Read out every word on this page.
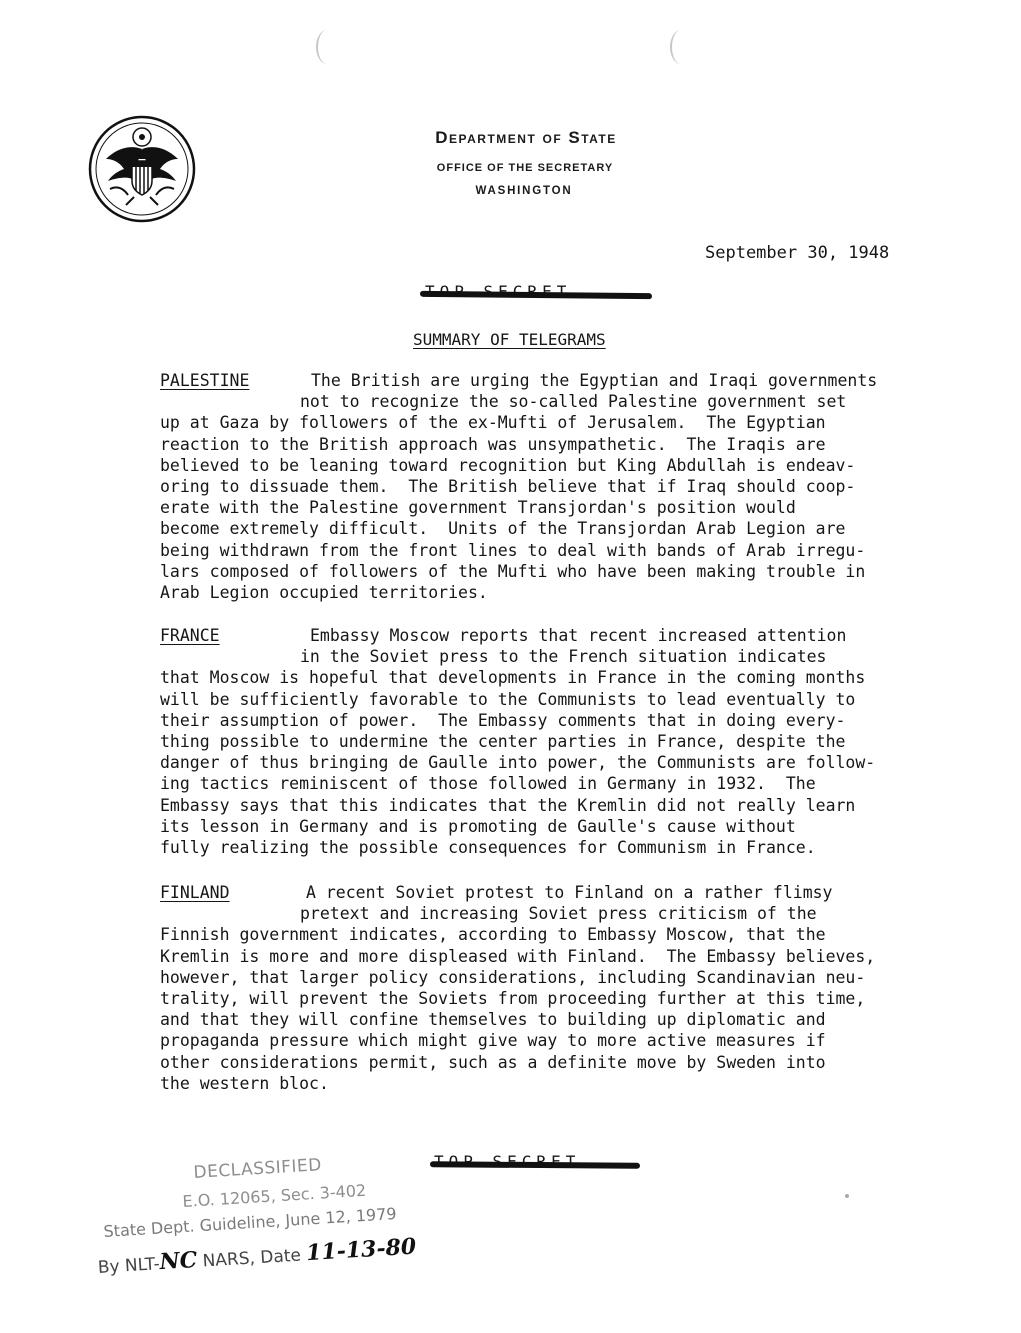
Department of State
OFFICE OF THE SECRETARY
WASHINGTON
September 30, 1948
SUMMARY OF TELEGRAMS
PALESTINE	The British are urging the Egyptian and Iraqi governments
not to recognize the so-called Palestine government set
up at Gaza by followers of the ex-Mufti of Jerusalem.  The Egyptian
reaction to the British approach was unsympathetic.  The Iraqis are
believed to be leaning toward recognition but King Abdullah is endeav-
oring to dissuade them.  The British believe that if Iraq should coop-
erate with the Palestine government Transjordan's position would
become extremely difficult.  Units of the Transjordan Arab Legion are
being withdrawn from the front lines to deal with bands of Arab irregu-
lars composed of followers of the Mufti who have been making trouble in
Arab Legion occupied territories.
FRANCE	Embassy Moscow reports that recent increased attention
in the Soviet press to the French situation indicates
that Moscow is hopeful that developments in France in the coming months
will be sufficiently favorable to the Communists to lead eventually to
their assumption of power.  The Embassy comments that in doing every-
thing possible to undermine the center parties in France, despite the
danger of thus bringing de Gaulle into power, the Communists are follow-
ing tactics reminiscent of those followed in Germany in 1932.  The
Embassy says that this indicates that the Kremlin did not really learn
its lesson in Germany and is promoting de Gaulle's cause without
fully realizing the possible consequences for Communism in France.
FINLAND	A recent Soviet protest to Finland on a rather flimsy
pretext and increasing Soviet press criticism of the
Finnish government indicates, according to Embassy Moscow, that the
Kremlin is more and more displeased with Finland.  The Embassy believes,
however, that larger policy considerations, including Scandinavian neu-
trality, will prevent the Soviets from proceeding further at this time,
and that they will confine themselves to building up diplomatic and
propaganda pressure which might give way to more active measures if
other considerations permit, such as a definite move by Sweden into
the western bloc.
DECLASSIFIED
E.O. 12065, Sec. 3-402
State Dept. Guideline, June 12, 1979
By NLT-NC NARS, Date 11-13-80
